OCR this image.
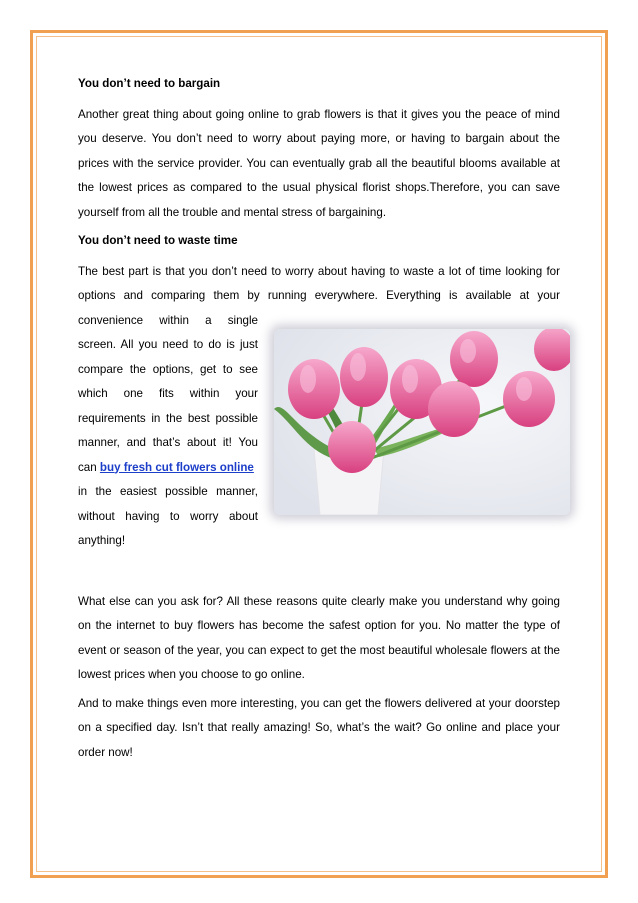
You don’t need to bargain

Another great thing about going online to grab flowers is that it gives you the peace of mind you deserve. You don’t need to worry about paying more, or having to bargain about the prices with the service provider. You can eventually grab all the beautiful blooms available at the lowest prices as compared to the usual physical florist shops.Therefore, you can save yourself from all the trouble and mental stress of bargaining.

You don’t need to waste time

The best part is that you don’t need to worry about having to waste a lot of time looking for options and comparing them by running everywhere. Everything is available at your

convenience within a single
screen. All you need to do is just
compare the options, get to see
which one fits within your
requirements in the best possible
manner, and that’s about it! You
can buy fresh cut flowers online
in the easiest possible manner,
without having to worry about
anything!

What else can you ask for? All these reasons quite clearly make you understand why going on the internet to buy flowers has become the safest option for you. No matter the type of event or season of the year, you can expect to get the most beautiful wholesale flowers at the lowest prices when you choose to go online.

And to make things even more interesting, you can get the flowers delivered at your doorstep on a specified day. Isn’t that really amazing! So, what’s the wait? Go online and place your order now!
